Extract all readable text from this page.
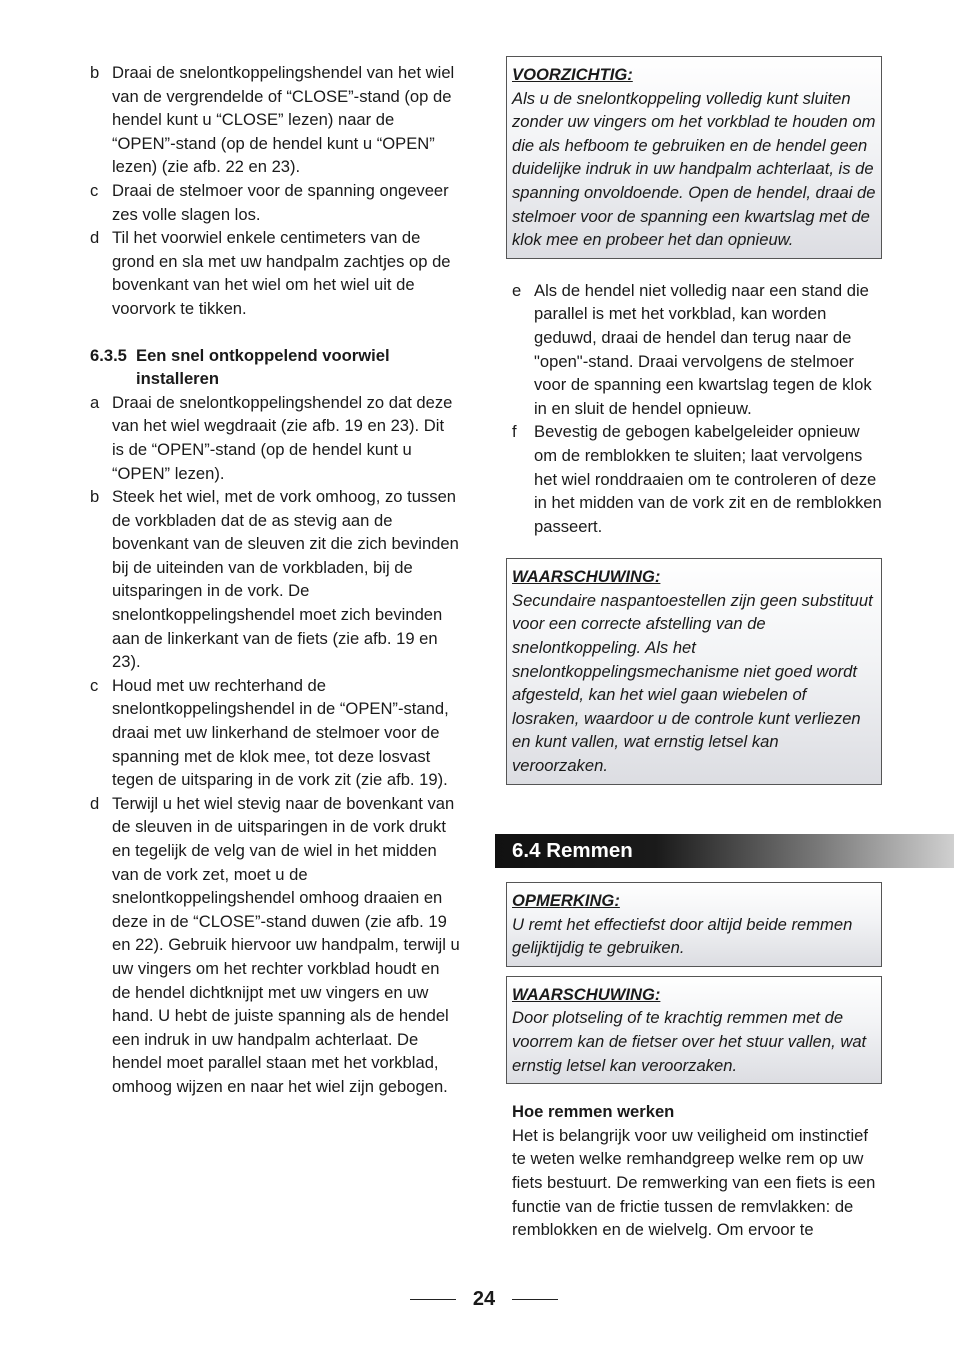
b Draai de snelontkoppelingshendel van het wiel van de vergrendelde of “CLOSE”-stand (op de hendel kunt u “CLOSE” lezen) naar de “OPEN”-stand (op de hendel kunt u “OPEN” lezen) (zie afb. 22 en 23).
c Draai de stelmoer voor de spanning ongeveer zes volle slagen los.
d Til het voorwiel enkele centimeters van de grond en sla met uw handpalm zachtjes op de bovenkant van het wiel om het wiel uit de voorvork te tikken.
6.3.5 Een snel ontkoppelend voorwiel installeren
a Draai de snelontkoppelingshendel zo dat deze van het wiel wegdraait (zie afb. 19 en 23). Dit is de “OPEN”-stand (op de hendel kunt u “OPEN” lezen).
b Steek het wiel, met de vork omhoog, zo tussen de vorkbladen dat de as stevig aan de bovenkant van de sleuven zit die zich bevinden bij de uiteinden van de vorkbladen, bij de uitsparingen in de vork. De snelontkoppelingshendel moet zich bevinden aan de linkerkant van de fiets (zie afb. 19 en 23).
c Houd met uw rechterhand de snelontkoppelingshendel in de “OPEN”-stand, draai met uw linkerhand de stelmoer voor de spanning met de klok mee, tot deze losvast tegen de uitsparing in de vork zit (zie afb. 19).
d Terwijl u het wiel stevig naar de bovenkant van de sleuven in de uitsparingen in de vork drukt en tegelijk de velg van de wiel in het midden van de vork zet, moet u de snelontkoppelingshendel omhoog draaien en deze in de “CLOSE”-stand duwen (zie afb. 19 en 22). Gebruik hiervoor uw handpalm, terwijl u uw vingers om het rechter vorkblad houdt en de hendel dichtknijpt met uw vingers en uw hand. U hebt de juiste spanning als de hendel een indruk in uw handpalm achterlaat. De hendel moet parallel staan met het vorkblad, omhoog wijzen en naar het wiel zijn gebogen.
VOORZICHTIG:
Als u de snelontkoppeling volledig kunt sluiten zonder uw vingers om het vorkblad te houden om die als hefboom te gebruiken en de hendel geen duidelijke indruk in uw handpalm achterlaat, is de spanning onvoldoende. Open de hendel, draai de stelmoer voor de spanning een kwartslag met de klok mee en probeer het dan opnieuw.
e Als de hendel niet volledig naar een stand die parallel is met het vorkblad, kan worden geduwd, draai de hendel dan terug naar de "open"-stand. Draai vervolgens de stelmoer voor de spanning een kwartslag tegen de klok in en sluit de hendel opnieuw.
f	Bevestig de gebogen kabelgeleider opnieuw om de remblokken te sluiten; laat vervolgens het wiel ronddraaien om te controleren of deze in het midden van de vork zit en de remblokken passeert.
WAARSCHUWING:
Secundaire naspantoestellen zijn geen substituut voor een correcte afstelling van de snelontkoppeling. Als het snelontkoppelingsmechanisme niet goed wordt afgesteld, kan het wiel gaan wiebelen of losraken, waardoor u de controle kunt verliezen en kunt vallen, wat ernstig letsel kan veroorzaken.
6.4 Remmen
OPMERKING:
U remt het effectiefst door altijd beide remmen gelijktijdig te gebruiken.
WAARSCHUWING:
Door plotseling of te krachtig remmen met de voorrem kan de fietser over het stuur vallen, wat ernstig letsel kan veroorzaken.
Hoe remmen werken
Het is belangrijk voor uw veiligheid om instinctief te weten welke remhandgreep welke rem op uw fiets bestuurt. De remwerking van een fiets is een functie van de frictie tussen de remvlakken: de remblokken en de wielvelg. Om ervoor te
24
